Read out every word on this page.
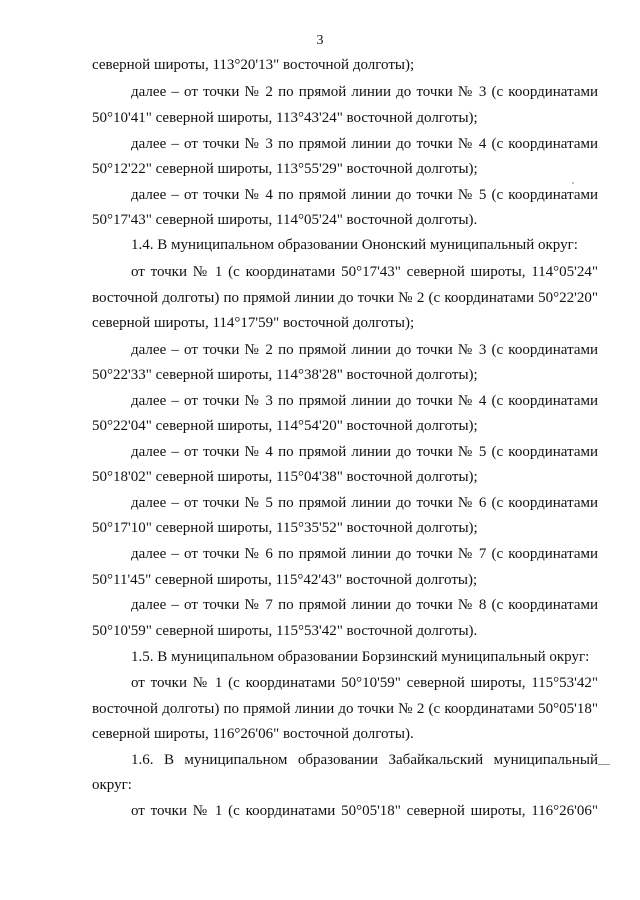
3
северной широты, 113°20'13" восточной долготы);
далее – от точки № 2 по прямой линии до точки № 3 (с координатами
50°10'41" северной широты, 113°43'24" восточной долготы);
далее – от точки № 3 по прямой линии до точки № 4 (с координатами
50°12'22" северной широты, 113°55'29" восточной долготы);
далее – от точки № 4 по прямой линии до точки № 5 (с координатами
50°17'43" северной широты, 114°05'24" восточной долготы).
1.4. В муниципальном образовании Ононский муниципальный округ:
от точки № 1 (с координатами 50°17'43" северной широты, 114°05'24"
восточной долготы) по прямой линии до точки № 2 (с координатами 50°22'20"
северной широты, 114°17'59" восточной долготы);
далее – от точки № 2 по прямой линии до точки № 3 (с координатами
50°22'33" северной широты, 114°38'28" восточной долготы);
далее – от точки № 3 по прямой линии до точки № 4 (с координатами
50°22'04" северной широты, 114°54'20" восточной долготы);
далее – от точки № 4 по прямой линии до точки № 5 (с координатами
50°18'02" северной широты, 115°04'38" восточной долготы);
далее – от точки № 5 по прямой линии до точки № 6 (с координатами
50°17'10" северной широты, 115°35'52" восточной долготы);
далее – от точки № 6 по прямой линии до точки № 7 (с координатами
50°11'45" северной широты, 115°42'43" восточной долготы);
далее – от точки № 7 по прямой линии до точки № 8 (с координатами
50°10'59" северной широты, 115°53'42" восточной долготы).
1.5. В муниципальном образовании Борзинский муниципальный округ:
от точки № 1 (с координатами 50°10'59" северной широты, 115°53'42"
восточной долготы) по прямой линии до точки № 2 (с координатами 50°05'18"
северной широты, 116°26'06" восточной долготы).
1.6. В муниципальном образовании Забайкальский муниципальный
округ:
от точки № 1 (с координатами 50°05'18" северной широты, 116°26'06"
